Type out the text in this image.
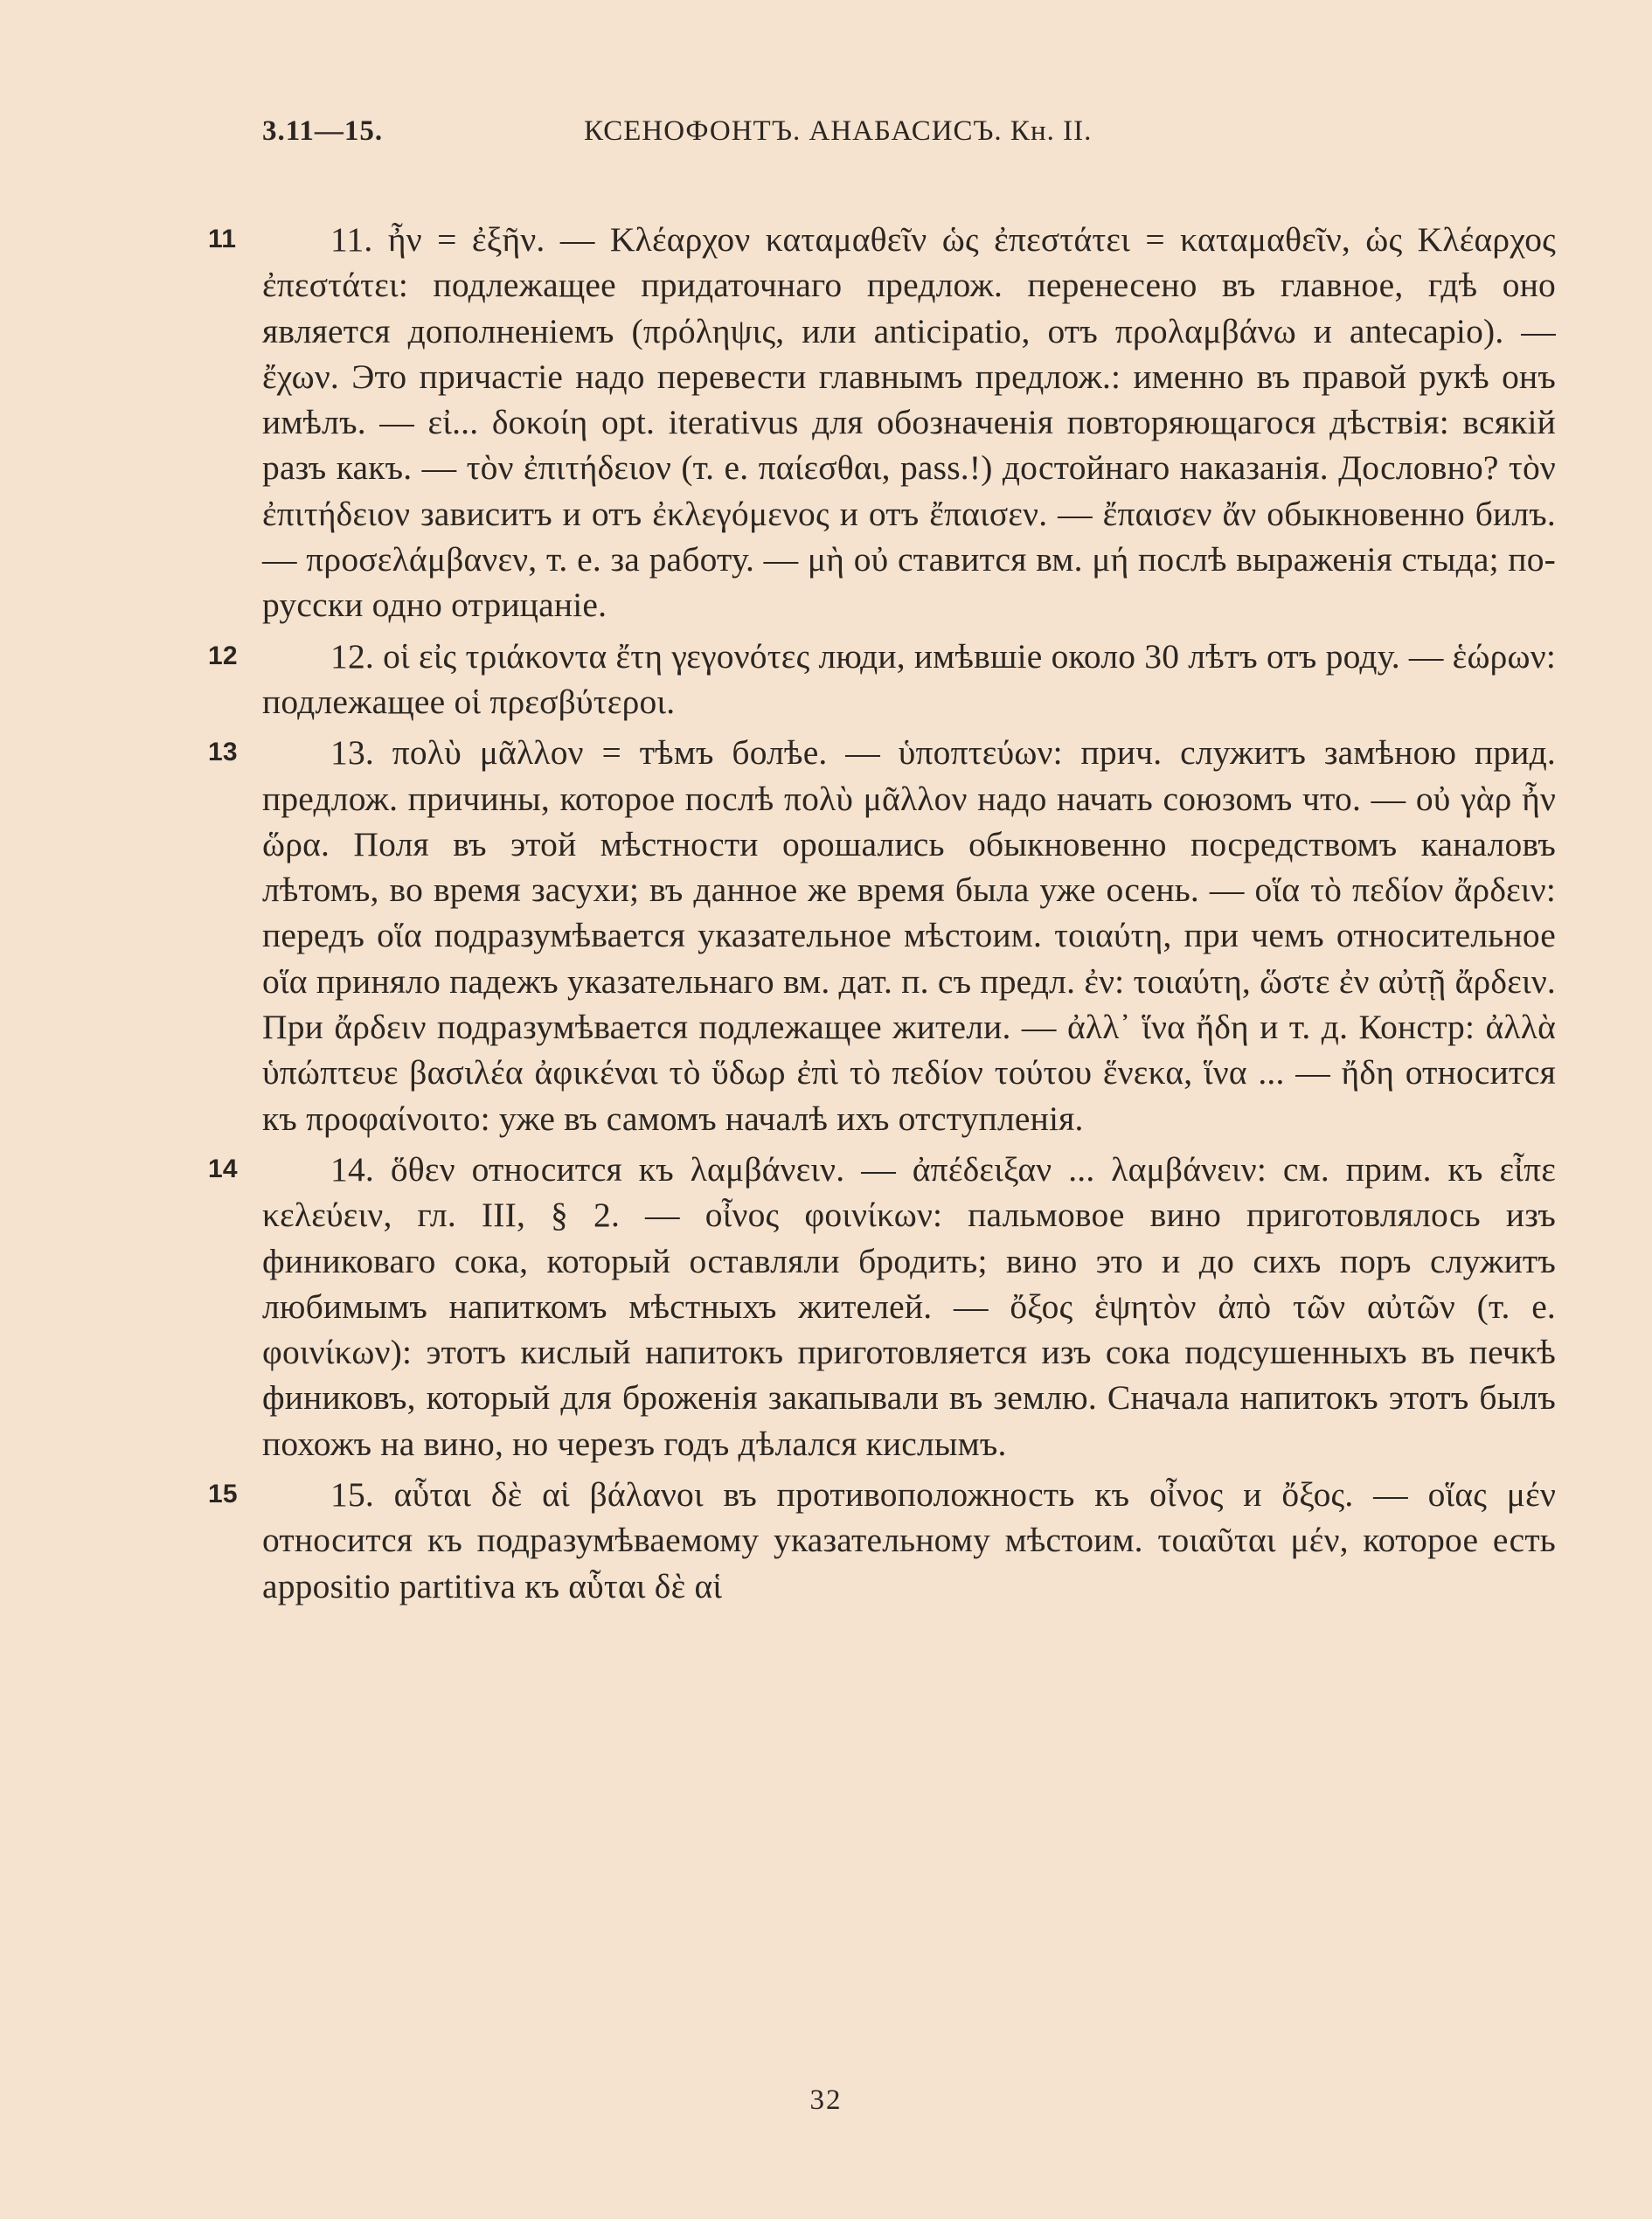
3.11—15.	КСЕНОФОНТЪ. АНАБАСИСЪ. Кн. II.
11	11. ἦν = ἐξῆν. — Κλέαρχον καταμαθεῖν ὡς ἐπεστάτει = καταμαθεῖν, ὡς Κλέαρχος ἐπεστάτει: подлежащее придаточнаго предлож. перенесено въ главное, гдѣ оно является дополненіемъ (πρόληψις, или anticipatio, отъ προλαμβάνω и antecapio). — ἔχων. Это причастіе надо перевести главнымъ предлож.: именно въ правой рукѣ онъ имѣлъ. — εἰ... δοκοίη opt. iterativus для обозначенія повторяющагося дѣствія: всякій разъ какъ. — τὸν ἐπιτήδειον (т. е. παίεσθαι, pass.!) достойнаго наказанія. Дословно? τὸν ἐπιτήδειον зависитъ и отъ ἐκλεγόμενος и отъ ἔπαισεν. — ἔπαισεν ἄν обыкновенно билъ. — προσελάμβανεν, т. е. за работу. — μὴ οὐ ставится вм. μή послѣ выраженія стыда; по-русски одно отрицаніе.

12	12. οἱ εἰς τριάκοντα ἔτη γεγονότες люди, имѣвшіе около 30 лѣтъ отъ роду. — ἑώρων: подлежащее οἱ πρεσβύτεροι.

13	13. πολὺ μᾶλλον = тѣмъ болѣе. — ὑποπτεύων: прич. служитъ замѣною прид. предлож. причины, которое послѣ πολὺ μᾶλλον надо начать союзомъ что. — οὐ γὰρ ἦν ὥρα. Поля въ этой мѣстности орошались обыкновенно посредствомъ каналовъ лѣтомъ, во время засухи; въ данное же время была уже осень. — οἵα τὸ πεδίον ἄρδειν: передъ οἵα подразумѣвается указательное мѣстоим. τοιαύτη, при чемъ относительное οἵα приняло падежъ указательнаго вм. дат. п. съ предл. ἐν: τοιαύτη, ὥστε ἐν αὐτῇ ἄρδειν. При ἄρδειν подразумѣвается подлежащее жители. — ἀλλ᾽ ἵνα ἤδη и т. д. Констр: ἀλλὰ ὑπώπτευε βασιλέα ἀφικέναι τὸ ὕδωρ ἐπὶ τὸ πεδίον τούτου ἕνεκα, ἵνα ... — ἤδη относится къ προφαίνοιτο: уже въ самомъ началѣ ихъ отступленія.

14	14. ὅθεν относится къ λαμβάνειν. — ἀπέδειξαν ... λαμβάνειν: см. прим. къ εἶπε κελεύειν, гл. III, § 2. — οἶνος φοινίκων: пальмовое вино приготовлялось изъ финиковаго сока, который оставляли бродить; вино это и до сихъ поръ служитъ любимымъ напиткомъ мѣстныхъ жителей. — ὄξος ἑψητὸν ἀπὸ τῶν αὐτῶν (т. е. φοινίκων): этотъ кислый напитокъ приготовляется изъ сока подсушенныхъ въ печкѣ финиковъ, который для броженія закапывали въ землю. Сначала напитокъ этотъ былъ похожъ на вино, но черезъ годъ дѣлался кислымъ.

15	15. αὗται δὲ αἱ βάλανοι въ противоположность къ οἶνος и ὄξος. — οἵας μέν относится къ подразумѣваемому указательному мѣстоим. τοιαῦται μέν, которое есть appositio partitiva къ αὗται δὲ αἱ

32
